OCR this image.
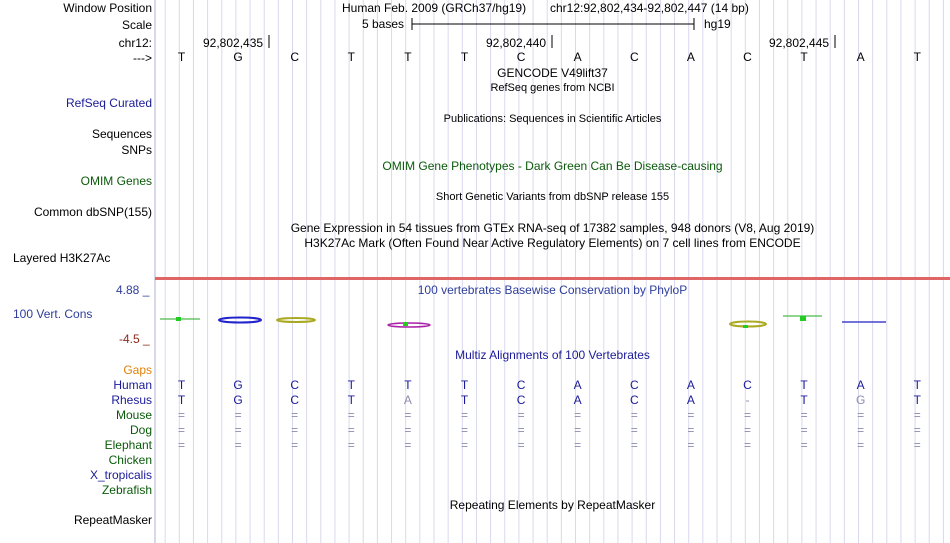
Window Position	Human Feb. 2009 (GRCh37/hg19) chr12:92,802,434-92,802,447 (14 bp)
Scale	5 bases	hg19
chr12:	92,802,435	92,802,440	92,802,445
--->	T	G	C	T	T	T	C	A	C	A	C	T	A	T
GENCODE V49lift37
RefSeq genes from NCBI
RefSeq Curated
Publications: Sequences in Scientific Articles
Sequences
SNPs
OMIM Gene Phenotypes - Dark Green Can Be Disease-causing
OMIM Genes
Short Genetic Variants from dbSNP release 155
Common dbSNP(155)
Gene Expression in 54 tissues from GTEx RNA-seq of 17382 samples, 948 donors (V8, Aug 2019)
H3K27Ac Mark (Often Found Near Active Regulatory Elements) on 7 cell lines from ENCODE
Layered H3K27Ac
4.88 _	100 vertebrates Basewise Conservation by PhyloP
100 Vert. Cons
-4.5 _
Multiz Alignments of 100 Vertebrates
Gaps
Human	T	G	C	T	T	T	C	A	C	A	C	T	A	T
Rhesus	T	G	C	T	A	T	C	A	C	A	-	T	G	T
Mouse	=	=	=	=	=	=	=	=	=	=	=	=	=	=
Dog	=	=	=	=	=	=	=	=	=	=	=	=	=	=
Elephant	=	=	=	=	=	=	=	=	=	=	=	=	=	=
Chicken
X_tropicalis
Zebrafish
Repeating Elements by RepeatMasker
RepeatMasker
